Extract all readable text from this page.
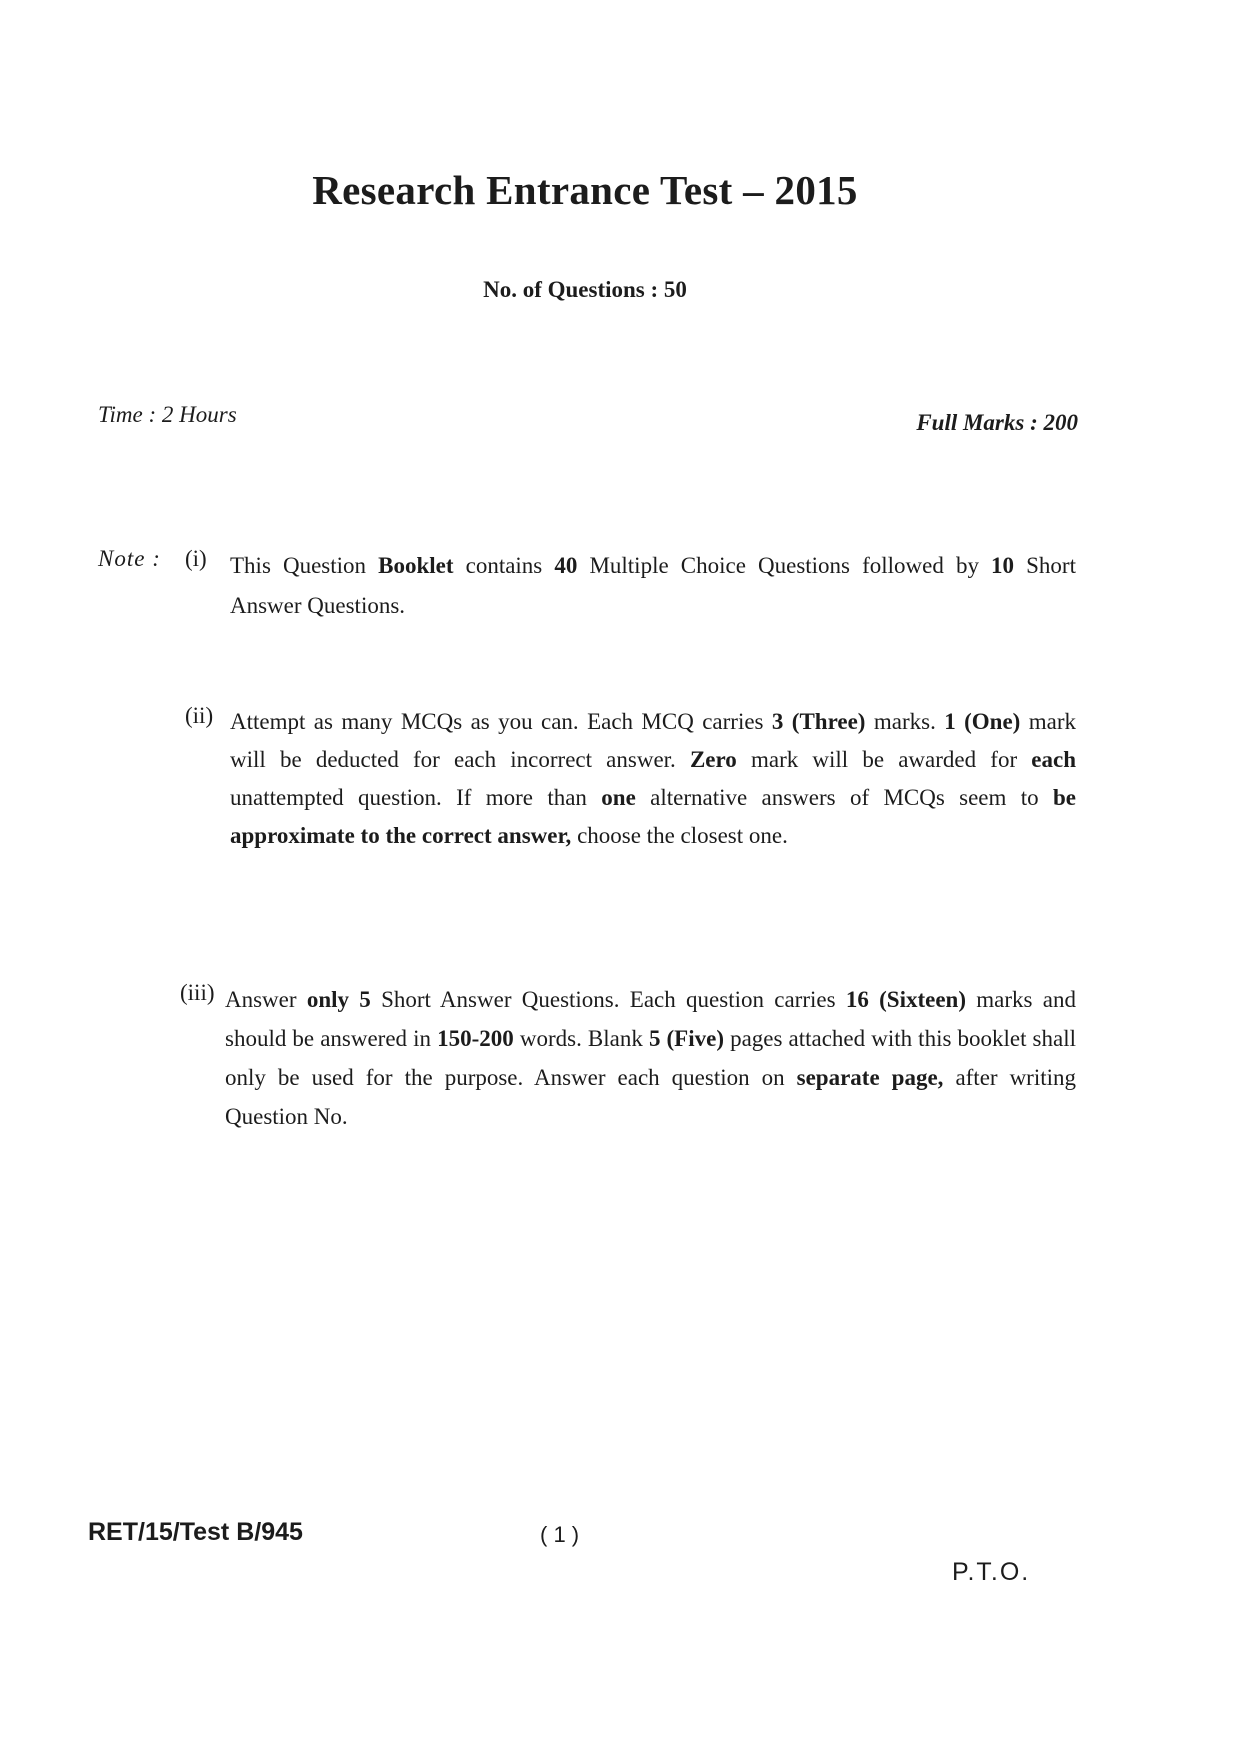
Research Entrance Test – 2015
No. of Questions : 50
Time : 2 Hours	Full Marks : 200
Note : (i) This Question Booklet contains 40 Multiple Choice Questions followed by 10 Short Answer Questions.
(ii) Attempt as many MCQs as you can. Each MCQ carries 3 (Three) marks. 1 (One) mark will be deducted for each incorrect answer. Zero mark will be awarded for each unattempted question. If more than one alternative answers of MCQs seem to be approximate to the correct answer, choose the closest one.
(iii) Answer only 5 Short Answer Questions. Each question carries 16 (Sixteen) marks and should be answered in 150-200 words. Blank 5 (Five) pages attached with this booklet shall only be used for the purpose. Answer each question on separate page, after writing Question No.
RET/15/Test B/945	( 1 )
P.T.O.
